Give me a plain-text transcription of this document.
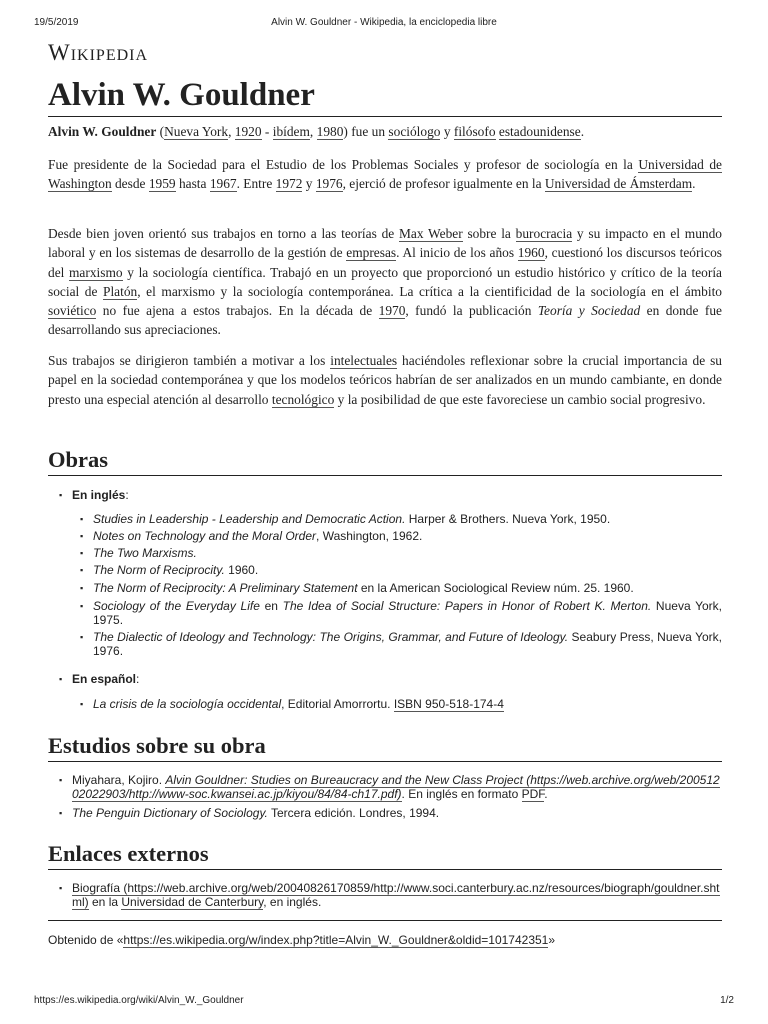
19/5/2019	Alvin W. Gouldner - Wikipedia, la enciclopedia libre
Wikipedia
Alvin W. Gouldner
Alvin W. Gouldner (Nueva York, 1920 - ibídem, 1980) fue un sociólogo y filósofo estadounidense.
Fue presidente de la Sociedad para el Estudio de los Problemas Sociales y profesor de sociología en la Universidad de Washington desde 1959 hasta 1967. Entre 1972 y 1976, ejerció de profesor igualmente en la Universidad de Ámsterdam.
Desde bien joven orientó sus trabajos en torno a las teorías de Max Weber sobre la burocracia y su impacto en el mundo laboral y en los sistemas de desarrollo de la gestión de empresas. Al inicio de los años 1960, cuestionó los discursos teóricos del marxismo y la sociología científica. Trabajó en un proyecto que proporcionó un estudio histórico y crítico de la teoría social de Platón, el marxismo y la sociología contemporánea. La crítica a la cientificidad de la sociología en el ámbito soviético no fue ajena a estos trabajos. En la década de 1970, fundó la publicación Teoría y Sociedad en donde fue desarrollando sus apreciaciones.
Sus trabajos se dirigieron también a motivar a los intelectuales haciéndoles reflexionar sobre la crucial importancia de su papel en la sociedad contemporánea y que los modelos teóricos habrían de ser analizados en un mundo cambiante, en donde presto una especial atención al desarrollo tecnológico y la posibilidad de que este favoreciese un cambio social progresivo.
Obras
En inglés:
▪ Studies in Leadership - Leadership and Democratic Action. Harper & Brothers. Nueva York, 1950.
▪ Notes on Technology and the Moral Order, Washington, 1962.
▪ The Two Marxisms.
▪ The Norm of Reciprocity. 1960.
▪ The Norm of Reciprocity: A Preliminary Statement en la American Sociological Review núm. 25. 1960.
▪ Sociology of the Everyday Life en The Idea of Social Structure: Papers in Honor of Robert K. Merton. Nueva York, 1975.
▪ The Dialectic of Ideology and Technology: The Origins, Grammar, and Future of Ideology. Seabury Press, Nueva York, 1976.
En español:
▪ La crisis de la sociología occidental, Editorial Amorrortu. ISBN 950-518-174-4
Estudios sobre su obra
Miyahara, Kojiro. Alvin Gouldner: Studies on Bureaucracy and the New Class Project (https://web.archive.org/web/20051202022903/http://www-soc.kwansei.ac.jp/kiyou/84/84-ch17.pdf). En inglés en formato PDF.
The Penguin Dictionary of Sociology. Tercera edición. Londres, 1994.
Enlaces externos
Biografía (https://web.archive.org/web/20040826170859/http://www.soci.canterbury.ac.nz/resources/biograph/gouldner.shtml) en la Universidad de Canterbury, en inglés.
Obtenido de «https://es.wikipedia.org/w/index.php?title=Alvin_W._Gouldner&oldid=101742351»
https://es.wikipedia.org/wiki/Alvin_W._Gouldner	1/2
